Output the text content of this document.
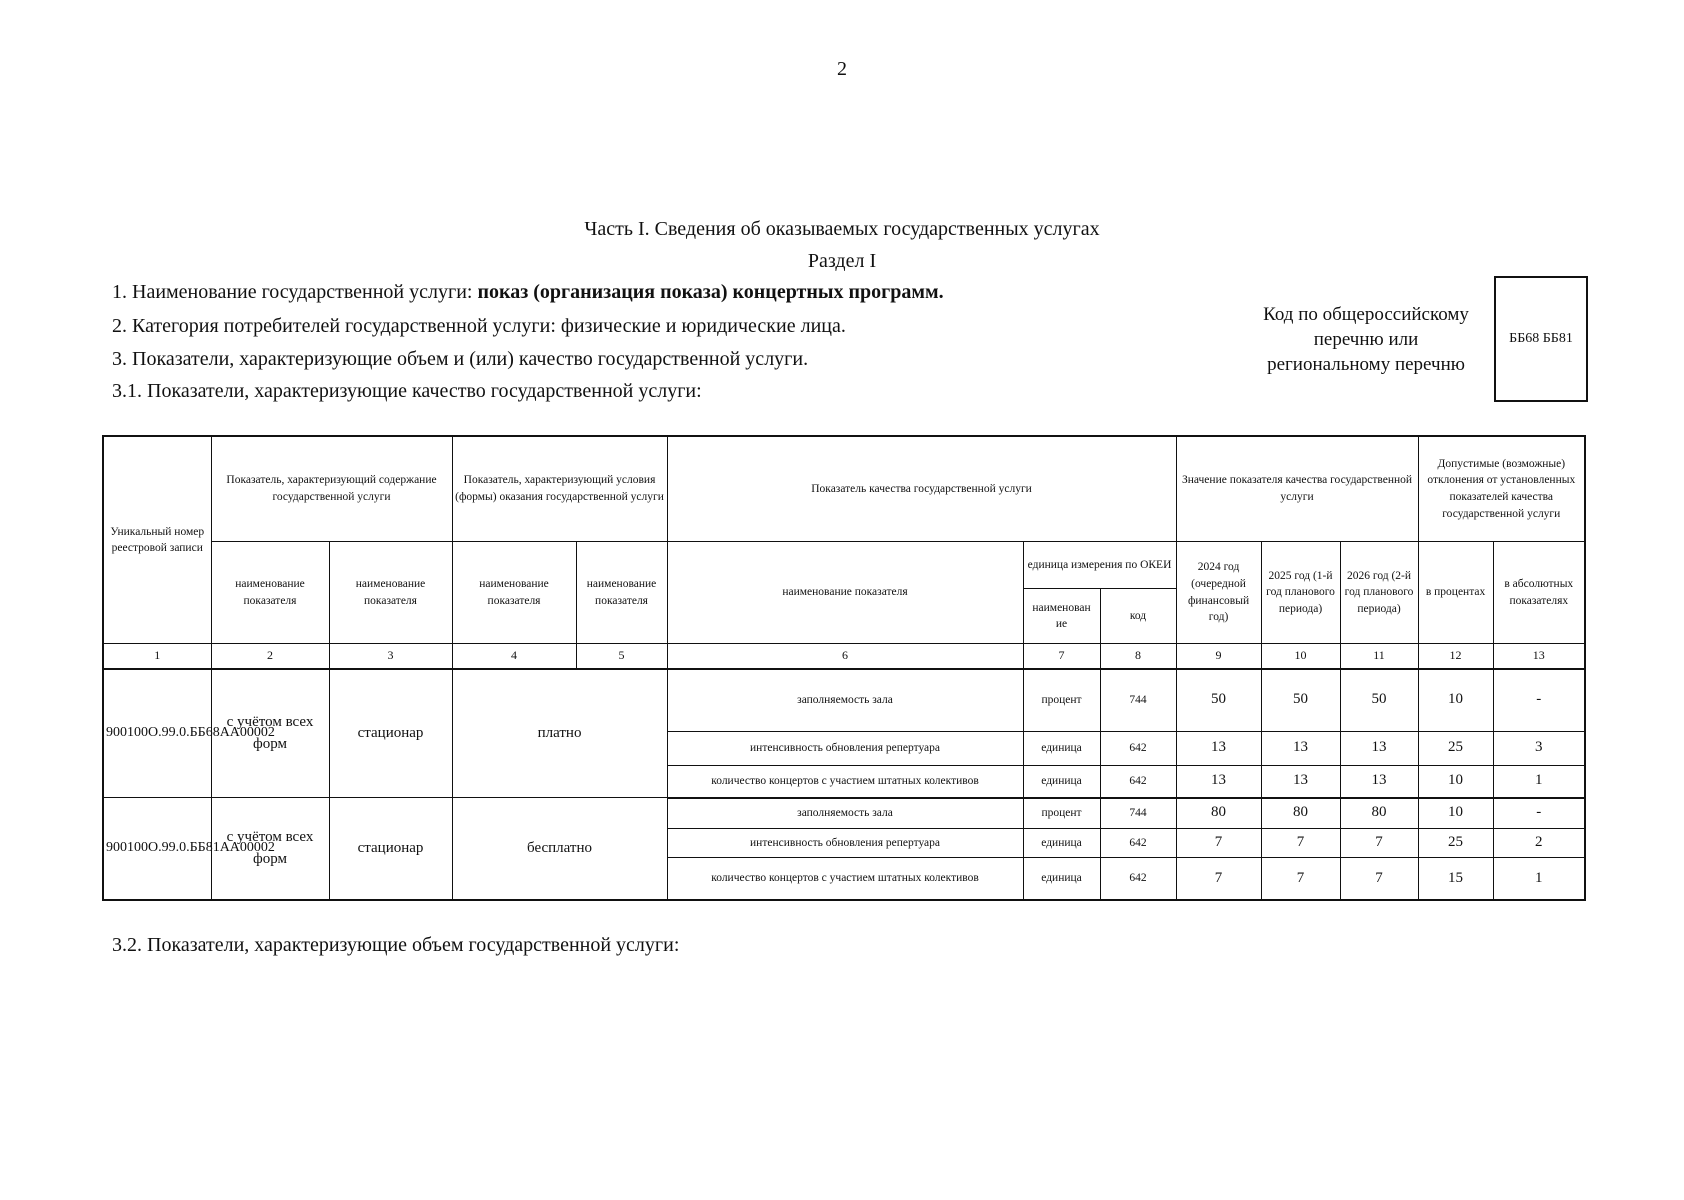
2
Часть I. Сведения об оказываемых государственных услугах
Раздел I
1. Наименование государственной услуги: показ (организация показа) концертных программ.
2. Категория потребителей государственной услуги: физические и юридические лица.
3. Показатели, характеризующие объем и (или) качество государственной услуги.
3.1. Показатели, характеризующие качество государственной услуги:
Код по общероссийскому
перечню или
региональному перечню
ББ68 ББ81
Уникальный номер реестровой записи	Показатель, характеризующий содержание государственной услуги		Показатель, характеризующий условия (формы) оказания государственной услуги		Показатель качества государственной услуги			Значение показателя качества государственной услуги			Допустимые (возможные) отклонения от установленных показателей качества государственной услуги	
	наименование показателя	наименование показателя	наименование показателя	наименование показателя	наименование показателя	единица измерения по ОКЕИ		2024 год (очередной финансовый год)	2025 год (1-й год планового периода)	2026 год (2-й год планового периода)	в процентах	в абсолютных показателях
						наименован ие	код					
1	2	3	4	5	6	7	8	9	10	11	12	13
900100О.99.0.ББ68АА00002	с учётом всех форм	стационар	платно		заполняемость зала	процент	744	50	50	50	10	-
					интенсивность обновления репертуара	единица	642	13	13	13	25	3
					количество концертов с участием штатных колективов	единица	642	13	13	13	10	1
900100О.99.0.ББ81АА00002	с учётом всех форм	стационар	бесплатно		заполняемость зала	процент	744	80	80	80	10	-
					интенсивность обновления репертуара	единица	642	7	7	7	25	2
					количество концертов с участием штатных колективов	единица	642	7	7	7	15	1
3.2. Показатели, характеризующие объем государственной услуги:
